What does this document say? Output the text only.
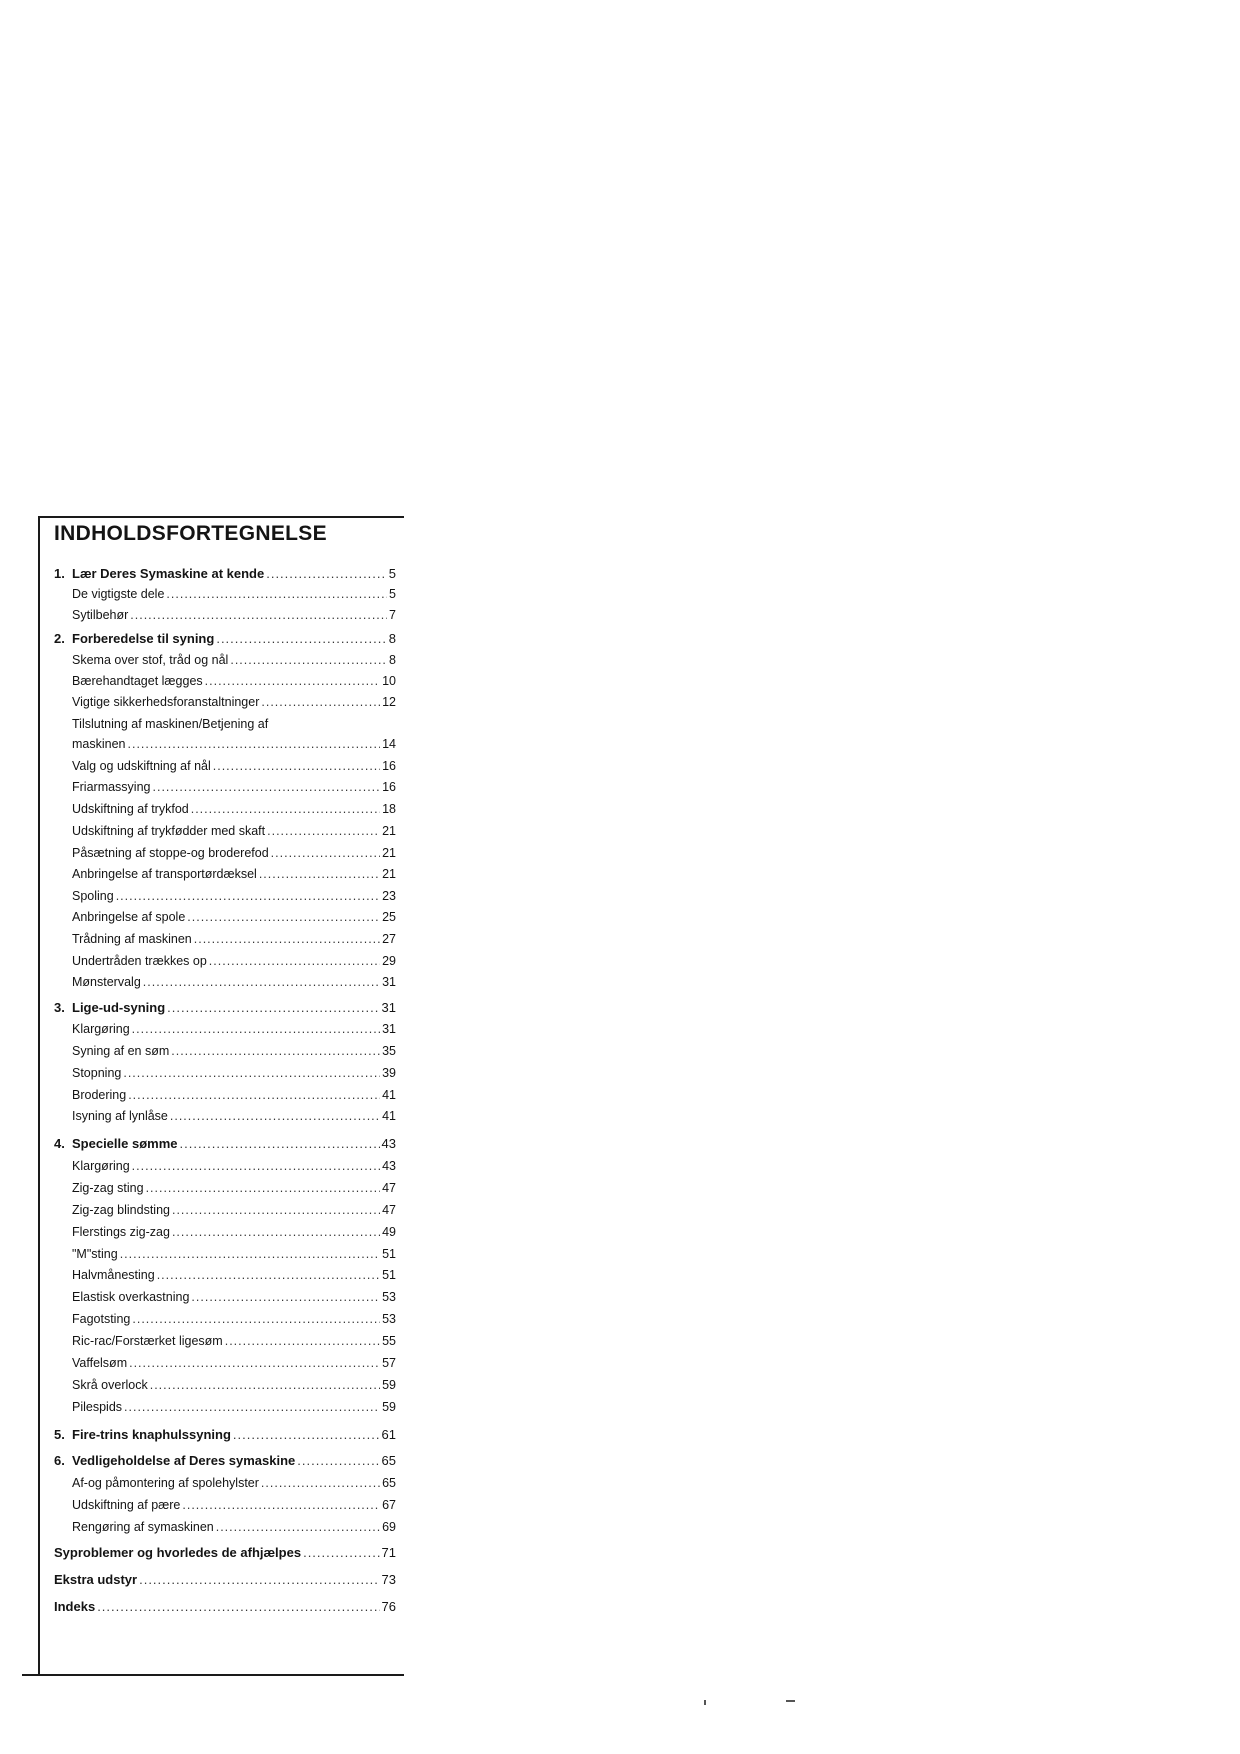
INDHOLDSFORTEGNELSE
1. Lær Deres Symaskine at kende .....	5
De vigtigste dele .....	5
Sytilbehør .....	7
2. Forberedelse til syning .....	8
Skema over stof, tråd og nål .....	8
Bærehandtaget lægges .....	10
Vigtige sikkerhedsforanstaltninger .....	12
Tilslutning af maskinen/Betjening af
maskinen .....	14
Valg og udskiftning af nål .....	16
Friarmassying .....	16
Udskiftning af trykfod .....	18
Udskiftning af trykfødder med skaft .....	21
Påsætning af stoppe-og broderefod .....	21
Anbringelse af transportørdæksel .....	21
Spoling .....	23
Anbringelse af spole .....	25
Trådning af maskinen .....	27
Undertråden trækkes op .....	29
Mønstervalg .....	31
3. Lige-ud-syning .....	31
Klargøring .....	31
Syning af en søm .....	35
Stopning .....	39
Brodering .....	41
Isyning af lynlåse .....	41
4. Specielle sømme .....	43
Klargøring .....	43
Zig-zag sting .....	47
Zig-zag blindsting .....	47
Flerstings zig-zag .....	49
"M"sting .....	51
Halvmånesting .....	51
Elastisk overkastning .....	53
Fagotsting .....	53
Ric-rac/Forstærket ligesøm .....	55
Vaffelsøm .....	57
Skrå overlock .....	59
Pilespids .....	59
5. Fire-trins knaphulssyning .....	61
6. Vedligeholdelse af Deres symaskine .....	65
Af-og påmontering af spolehylster .....	65
Udskiftning af pære .....	67
Rengøring af symaskinen .....	69
Syproblemer og hvorledes de afhjælpes .....	71
Ekstra udstyr .....	73
Indeks .....	76
